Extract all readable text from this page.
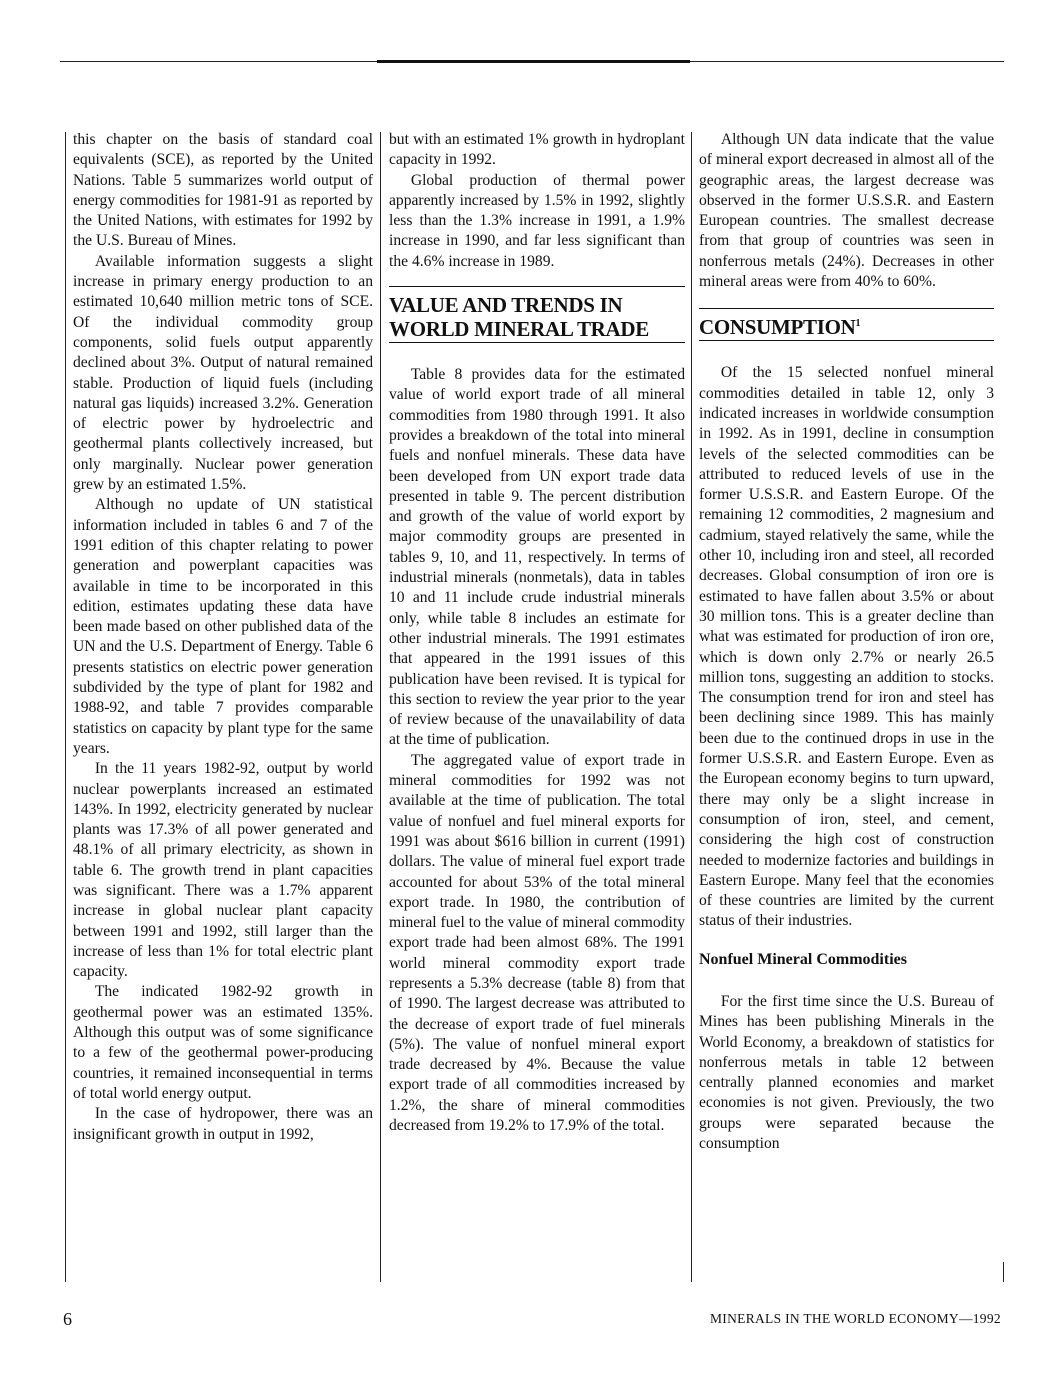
this chapter on the basis of standard coal equivalents (SCE), as reported by the United Nations. Table 5 summarizes world output of energy commodities for 1981-91 as reported by the United Nations, with estimates for 1992 by the U.S. Bureau of Mines.

Available information suggests a slight increase in primary energy production to an estimated 10,640 million metric tons of SCE. Of the individual commodity group components, solid fuels output apparently declined about 3%. Output of natural remained stable. Production of liquid fuels (including natural gas liquids) increased 3.2%. Generation of electric power by hydroelectric and geothermal plants collectively increased, but only marginally. Nuclear power generation grew by an estimated 1.5%.

Although no update of UN statistical information included in tables 6 and 7 of the 1991 edition of this chapter relating to power generation and powerplant capacities was available in time to be incorporated in this edition, estimates updating these data have been made based on other published data of the UN and the U.S. Department of Energy. Table 6 presents statistics on electric power generation subdivided by the type of plant for 1982 and 1988-92, and table 7 provides comparable statistics on capacity by plant type for the same years.

In the 11 years 1982-92, output by world nuclear powerplants increased an estimated 143%. In 1992, electricity generated by nuclear plants was 17.3% of all power generated and 48.1% of all primary electricity, as shown in table 6. The growth trend in plant capacities was significant. There was a 1.7% apparent increase in global nuclear plant capacity between 1991 and 1992, still larger than the increase of less than 1% for total electric plant capacity.

The indicated 1982-92 growth in geothermal power was an estimated 135%. Although this output was of some significance to a few of the geothermal power-producing countries, it remained inconsequential in terms of total world energy output.

In the case of hydropower, there was an insignificant growth in output in 1992,

but with an estimated 1% growth in hydroplant capacity in 1992.

Global production of thermal power apparently increased by 1.5% in 1992, slightly less than the 1.3% increase in 1991, a 1.9% increase in 1990, and far less significant than the 4.6% increase in 1989.

VALUE AND TRENDS IN
WORLD MINERAL TRADE

Table 8 provides data for the estimated value of world export trade of all mineral commodities from 1980 through 1991. It also provides a breakdown of the total into mineral fuels and nonfuel minerals. These data have been developed from UN export trade data presented in table 9. The percent distribution and growth of the value of world export by major commodity groups are presented in tables 9, 10, and 11, respectively. In terms of industrial minerals (nonmetals), data in tables 10 and 11 include crude industrial minerals only, while table 8 includes an estimate for other industrial minerals. The 1991 estimates that appeared in the 1991 issues of this publication have been revised. It is typical for this section to review the year prior to the year of review because of the unavailability of data at the time of publication.

The aggregated value of export trade in mineral commodities for 1992 was not available at the time of publication. The total value of nonfuel and fuel mineral exports for 1991 was about $616 billion in current (1991) dollars. The value of mineral fuel export trade accounted for about 53% of the total mineral export trade. In 1980, the contribution of mineral fuel to the value of mineral commodity export trade had been almost 68%. The 1991 world mineral commodity export trade represents a 5.3% decrease (table 8) from that of 1990. The largest decrease was attributed to the decrease of export trade of fuel minerals (5%). The value of nonfuel mineral export trade decreased by 4%. Because the value export trade of all commodities increased by 1.2%, the share of mineral commodities decreased from 19.2% to 17.9% of the total.

Although UN data indicate that the value of mineral export decreased in almost all of the geographic areas, the largest decrease was observed in the former U.S.S.R. and Eastern European countries. The smallest decrease from that group of countries was seen in nonferrous metals (24%). Decreases in other mineral areas were from 40% to 60%.

CONSUMPTION$^1$

Of the 15 selected nonfuel mineral commodities detailed in table 12, only 3 indicated increases in worldwide consumption in 1992. As in 1991, decline in consumption levels of the selected commodities can be attributed to reduced levels of use in the former U.S.S.R. and Eastern Europe. Of the remaining 12 commodities, 2 magnesium and cadmium, stayed relatively the same, while the other 10, including iron and steel, all recorded decreases. Global consumption of iron ore is estimated to have fallen about 3.5% or about 30 million tons. This is a greater decline than what was estimated for production of iron ore, which is down only 2.7% or nearly 26.5 million tons, suggesting an addition to stocks. The consumption trend for iron and steel has been declining since 1989. This has mainly been due to the continued drops in use in the former U.S.S.R. and Eastern Europe. Even as the European economy begins to turn upward, there may only be a slight increase in consumption of iron, steel, and cement, considering the high cost of construction needed to modernize factories and buildings in Eastern Europe. Many feel that the economies of these countries are limited by the current status of their industries.

Nonfuel Mineral Commodities

For the first time since the U.S. Bureau of Mines has been publishing Minerals in the World Economy, a breakdown of statistics for nonferrous metals in table 12 between centrally planned economies and market economies is not given. Previously, the two groups were separated because the consumption

6	MINERALS IN THE WORLD ECONOMY—1992
